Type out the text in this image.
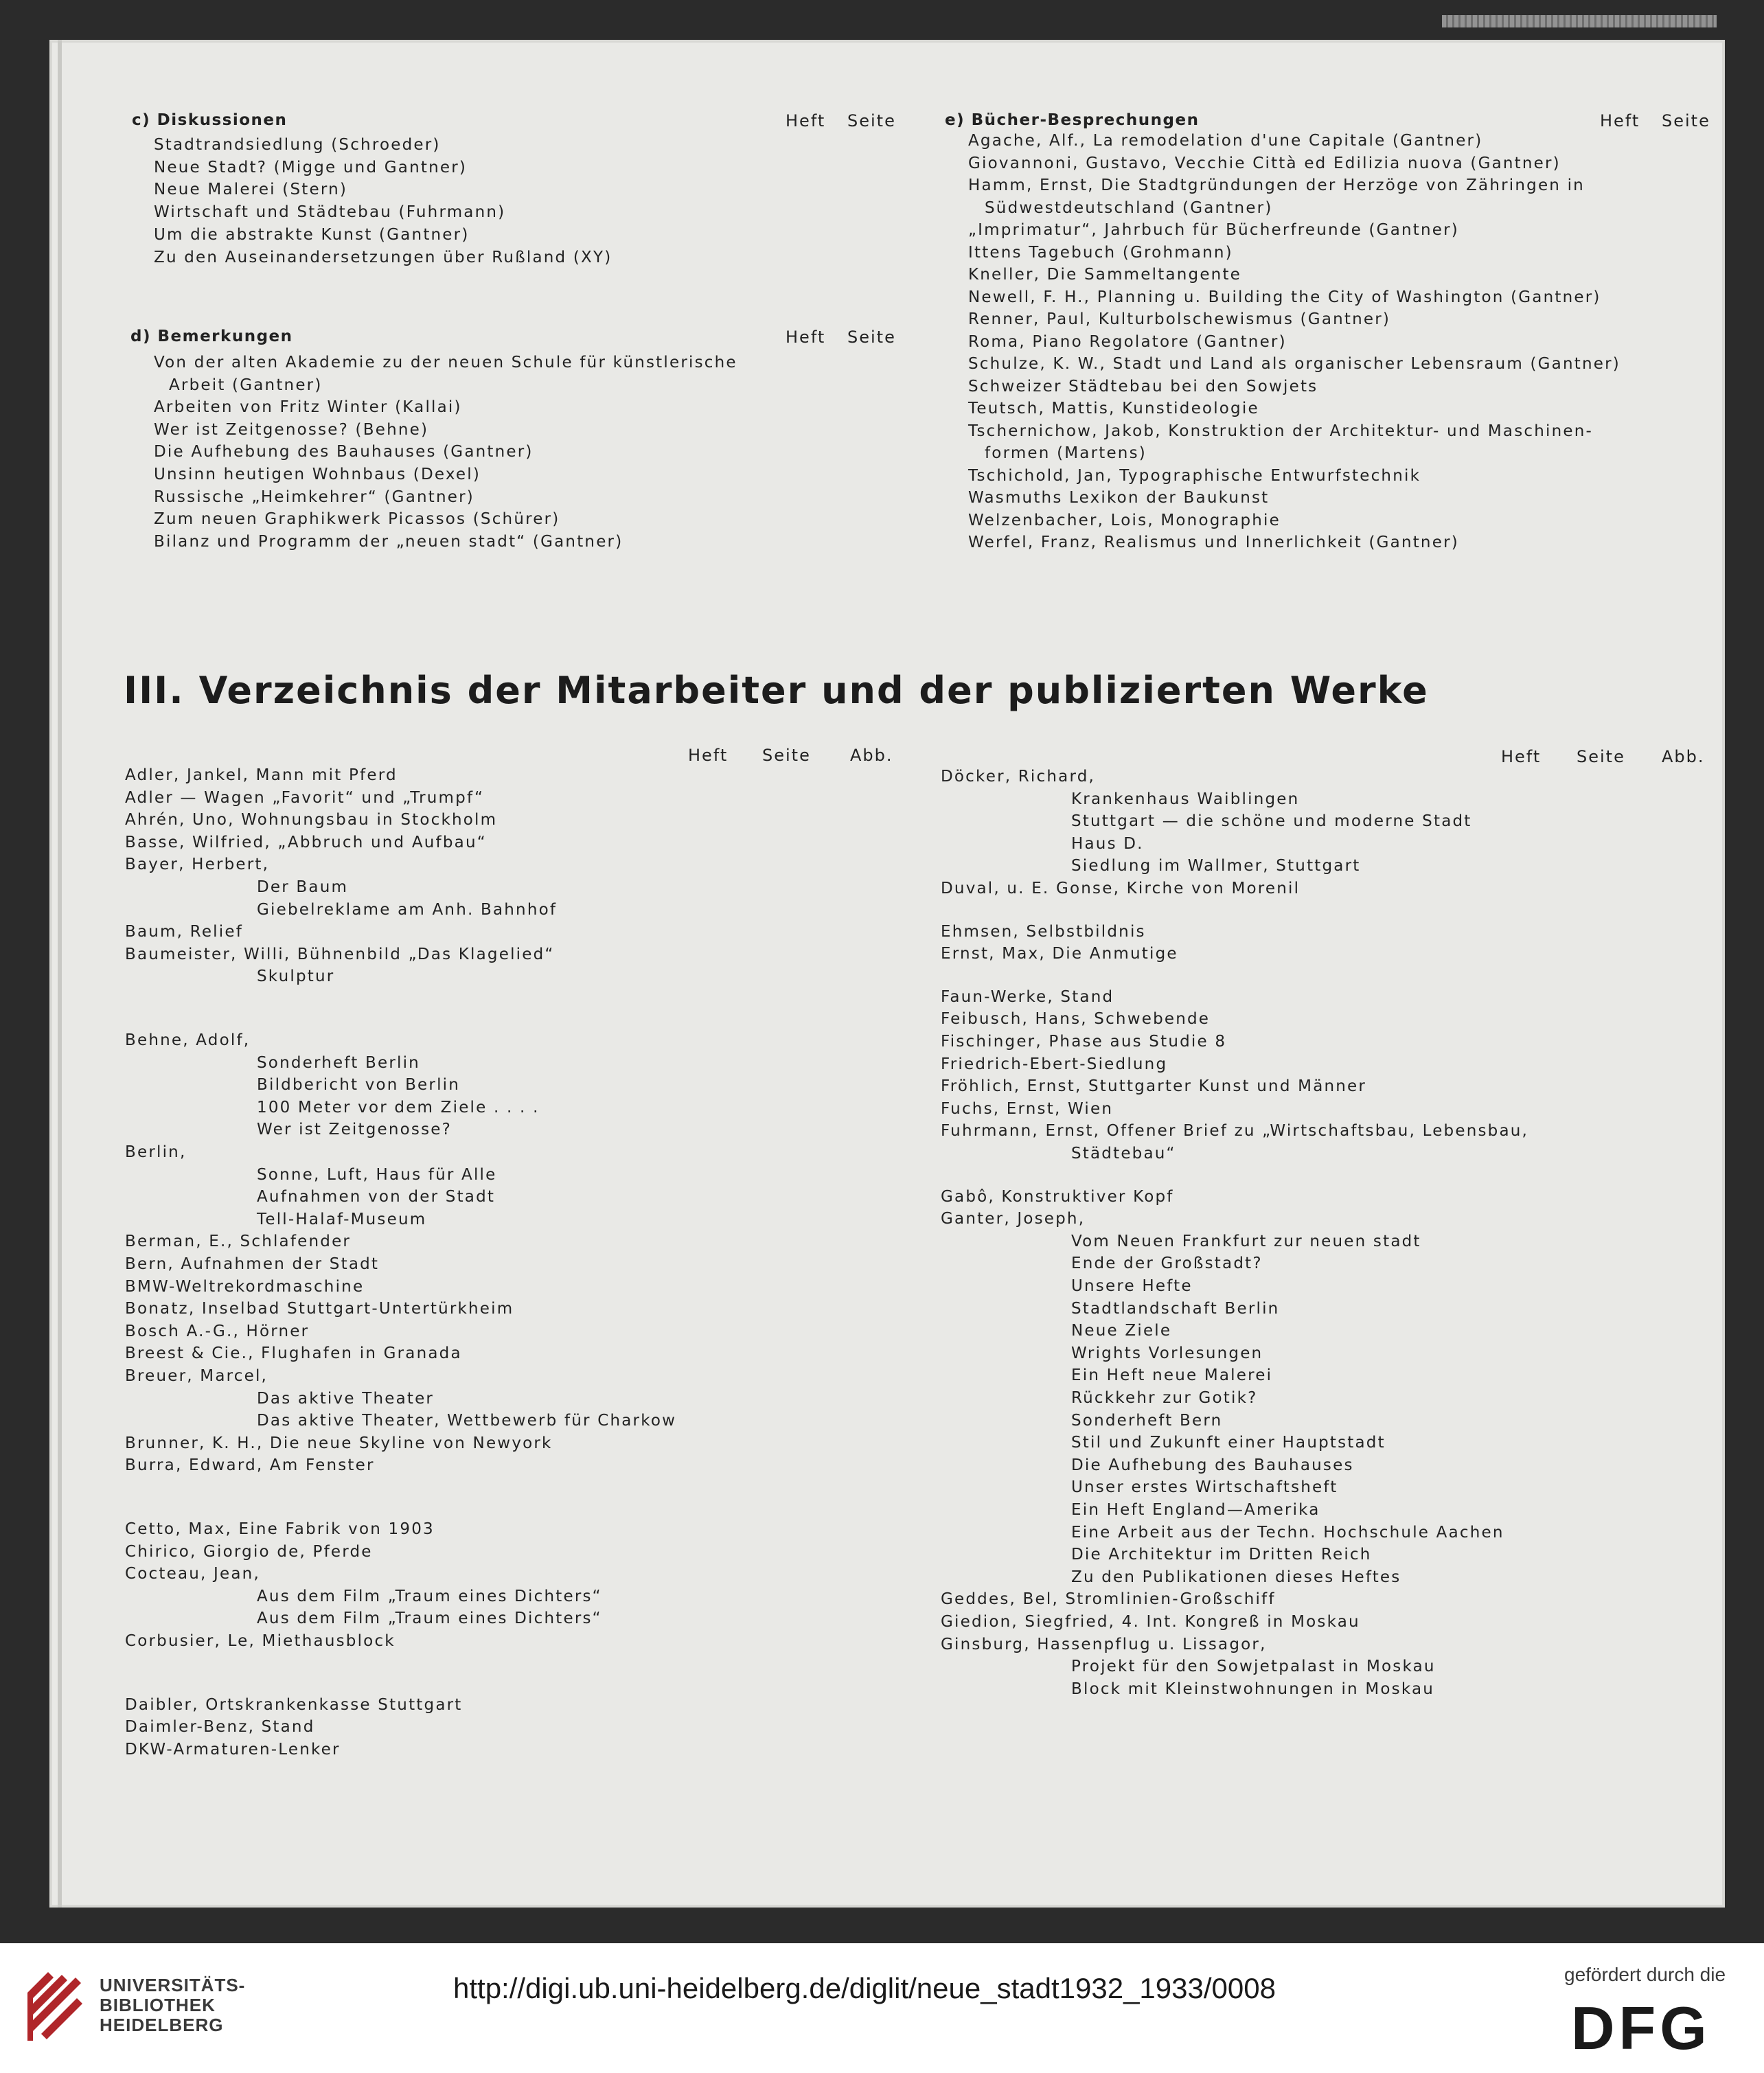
c) Diskussionen	Heft Seite
d) Bemerkungen	Heft Seite
e) Bücher-Besprechungen	Heft Seite
III. Verzeichnis der Mitarbeiter und der publizierten Werke
Heft Seite Abb.	Heft Seite Abb.
Stadtrandsiedlung (Schroeder)
Neue Stadt? (Migge und Gantner)
Neue Malerei (Stern)
Wirtschaft und Städtebau (Fuhrmann)
Um die abstrakte Kunst (Gantner)
Zu den Auseinandersetzungen über Rußland (XY)
Von der alten Akademie zu der neuen Schule für künstlerische
Arbeit (Gantner)
Arbeiten von Fritz Winter (Kallai)
Wer ist Zeitgenosse? (Behne)
Die Aufhebung des Bauhauses (Gantner)
Unsinn heutigen Wohnbaus (Dexel)
Russische „Heimkehrer“ (Gantner)
Zum neuen Graphikwerk Picassos (Schürer)
Bilanz und Programm der „neuen stadt“ (Gantner)
Agache, Alf., La remodelation d'une Capitale (Gantner)
Giovannoni, Gustavo, Vecchie Città ed Edilizia nuova (Gantner)
Hamm, Ernst, Die Stadtgründungen der Herzöge von Zähringen in
Südwestdeutschland (Gantner)
„Imprimatur“, Jahrbuch für Bücherfreunde (Gantner)
Ittens Tagebuch (Grohmann)
Kneller, Die Sammeltangente
Newell, F. H., Planning u. Building the City of Washington (Gantner)
Renner, Paul, Kulturbolschewismus (Gantner)
Roma, Piano Regolatore (Gantner)
Schulze, K. W., Stadt und Land als organischer Lebensraum (Gantner)
Schweizer Städtebau bei den Sowjets
Teutsch, Mattis, Kunstideologie
Tschernichow, Jakob, Konstruktion der Architektur- und Maschinen-
formen (Martens)
Tschichold, Jan, Typographische Entwurfstechnik
Wasmuths Lexikon der Baukunst
Welzenbacher, Lois, Monographie
Werfel, Franz, Realismus und Innerlichkeit (Gantner)
Adler, Jankel, Mann mit Pferd
Adler — Wagen „Favorit“ und „Trumpf“
Ahrén, Uno, Wohnungsbau in Stockholm
Basse, Wilfried, „Abbruch und Aufbau“
Bayer, Herbert,
Der Baum
Giebelreklame am Anh. Bahnhof
Baum, Relief
Baumeister, Willi, Bühnenbild „Das Klagelied“
Skulptur
Behne, Adolf,
Sonderheft Berlin
Bildbericht von Berlin
100 Meter vor dem Ziele . . . .
Wer ist Zeitgenosse?
Berlin,
Sonne, Luft, Haus für Alle
Aufnahmen von der Stadt
Tell-Halaf-Museum
Berman, E., Schlafender
Bern, Aufnahmen der Stadt
BMW-Weltrekordmaschine
Bonatz, Inselbad Stuttgart-Untertürkheim
Bosch A.-G., Hörner
Breest & Cie., Flughafen in Granada
Breuer, Marcel,
Das aktive Theater
Das aktive Theater, Wettbewerb für Charkow
Brunner, K. H., Die neue Skyline von Newyork
Burra, Edward, Am Fenster
Cetto, Max, Eine Fabrik von 1903
Chirico, Giorgio de, Pferde
Cocteau, Jean,
Aus dem Film „Traum eines Dichters“
Aus dem Film „Traum eines Dichters“
Corbusier, Le, Miethausblock
Daibler, Ortskrankenkasse Stuttgart
Daimler-Benz, Stand
DKW-Armaturen-Lenker
Döcker, Richard,
Krankenhaus Waiblingen
Stuttgart — die schöne und moderne Stadt
Haus D.
Siedlung im Wallmer, Stuttgart
Duval, u. E. Gonse, Kirche von Morenil
Ehmsen, Selbstbildnis
Ernst, Max, Die Anmutige
Faun-Werke, Stand
Feibusch, Hans, Schwebende
Fischinger, Phase aus Studie 8
Friedrich-Ebert-Siedlung
Fröhlich, Ernst, Stuttgarter Kunst und Männer
Fuchs, Ernst, Wien
Fuhrmann, Ernst, Offener Brief zu „Wirtschaftsbau, Lebensbau,
Städtebau“
Gabô, Konstruktiver Kopf
Ganter, Joseph,
Vom Neuen Frankfurt zur neuen stadt
Ende der Großstadt?
Unsere Hefte
Stadtlandschaft Berlin
Neue Ziele
Wrights Vorlesungen
Ein Heft neue Malerei
Rückkehr zur Gotik?
Sonderheft Bern
Stil und Zukunft einer Hauptstadt
Die Aufhebung des Bauhauses
Unser erstes Wirtschaftsheft
Ein Heft England—Amerika
Eine Arbeit aus der Techn. Hochschule Aachen
Die Architektur im Dritten Reich
Zu den Publikationen dieses Heftes
Geddes, Bel, Stromlinien-Großschiff
Giedion, Siegfried, 4. Int. Kongreß in Moskau
Ginsburg, Hassenpflug u. Lissagor,
Projekt für den Sowjetpalast in Moskau
Block mit Kleinstwohnungen in Moskau
UNIVERSITÄTS-
BIBLIOTHEK
HEIDELBERG
http://digi.ub.uni-heidelberg.de/diglit/neue_stadt1932_1933/0008	gefördert durch die
DFG
